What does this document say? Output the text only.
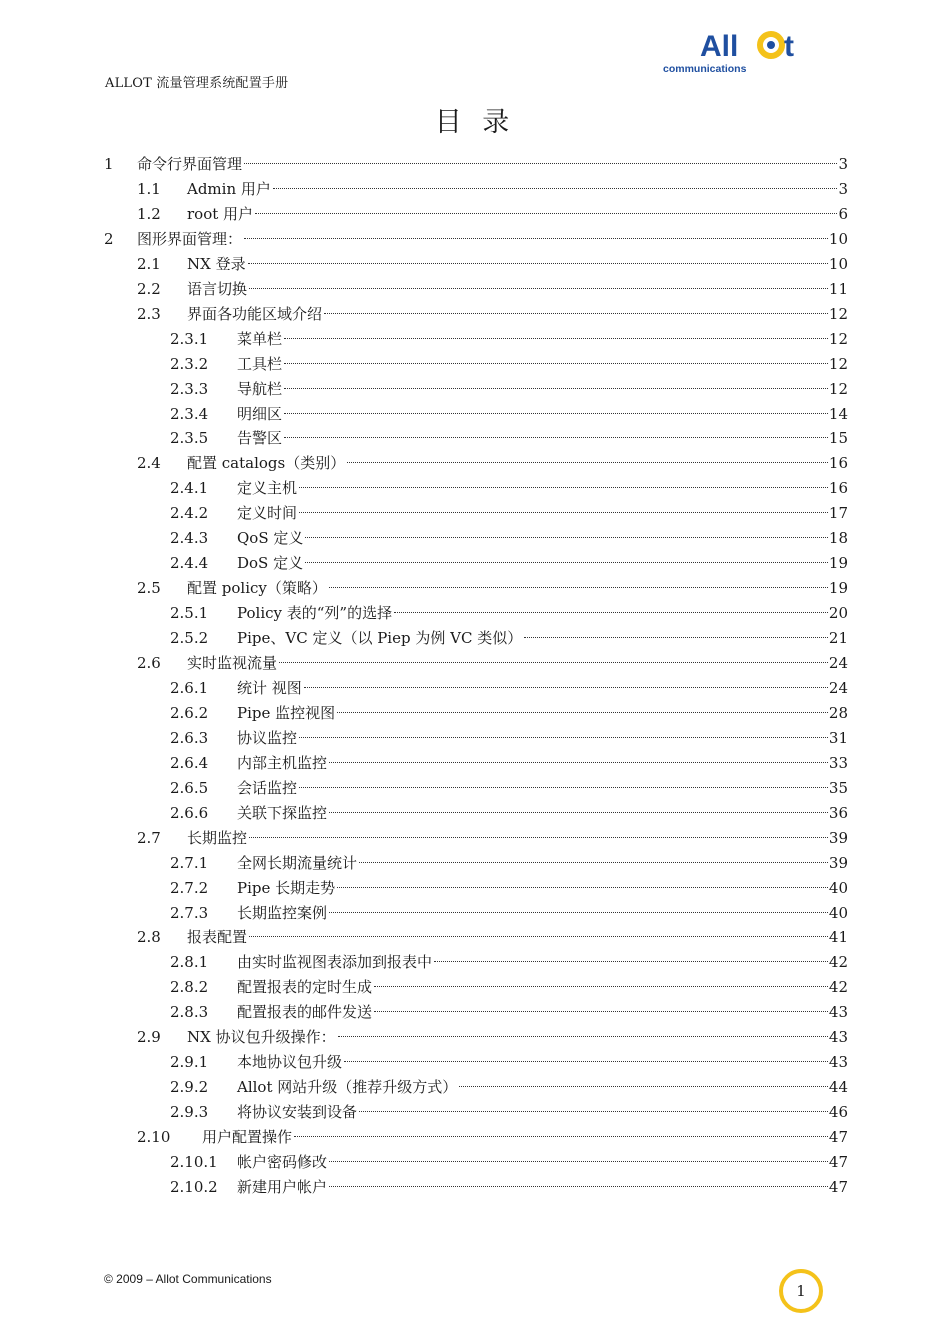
ALLOT 流量管理系统配置手册
All t
communications
目 录
1 命令行界面管理	3
1.1 Admin 用户	3
1.2 root 用户	6
2 图形界面管理：	10
2.1 NX 登录	10
2.2 语言切换	11
2.3 界面各功能区域介绍	12
2.3.1 菜单栏	12
2.3.2 工具栏	12
2.3.3 导航栏	12
2.3.4 明细区	14
2.3.5 告警区	15
2.4 配置 catalogs（类别）	16
2.4.1 定义主机	16
2.4.2 定义时间	17
2.4.3 QoS 定义	18
2.4.4 DoS 定义	19
2.5 配置 policy（策略）	19
2.5.1 Policy 表的“列”的选择	20
2.5.2 Pipe、VC 定义（以 Piep 为例 VC 类似）	21
2.6 实时监视流量	24
2.6.1 统计 视图	24
2.6.2 Pipe 监控视图	28
2.6.3 协议监控	31
2.6.4 内部主机监控	33
2.6.5 会话监控	35
2.6.6 关联下探监控	36
2.7 长期监控	39
2.7.1 全网长期流量统计	39
2.7.2 Pipe 长期走势	40
2.7.3 长期监控案例	40
2.8 报表配置	41
2.8.1 由实时监视图表添加到报表中	42
2.8.2 配置报表的定时生成	42
2.8.3 配置报表的邮件发送	43
2.9 NX 协议包升级操作：	43
2.9.1 本地协议包升级	43
2.9.2 Allot 网站升级（推荐升级方式）	44
2.9.3 将协议安装到设备	46
2.10 用户配置操作	47
2.10.1 帐户密码修改	47
2.10.2 新建用户帐户	47
© 2009 – Allot Communications
1
